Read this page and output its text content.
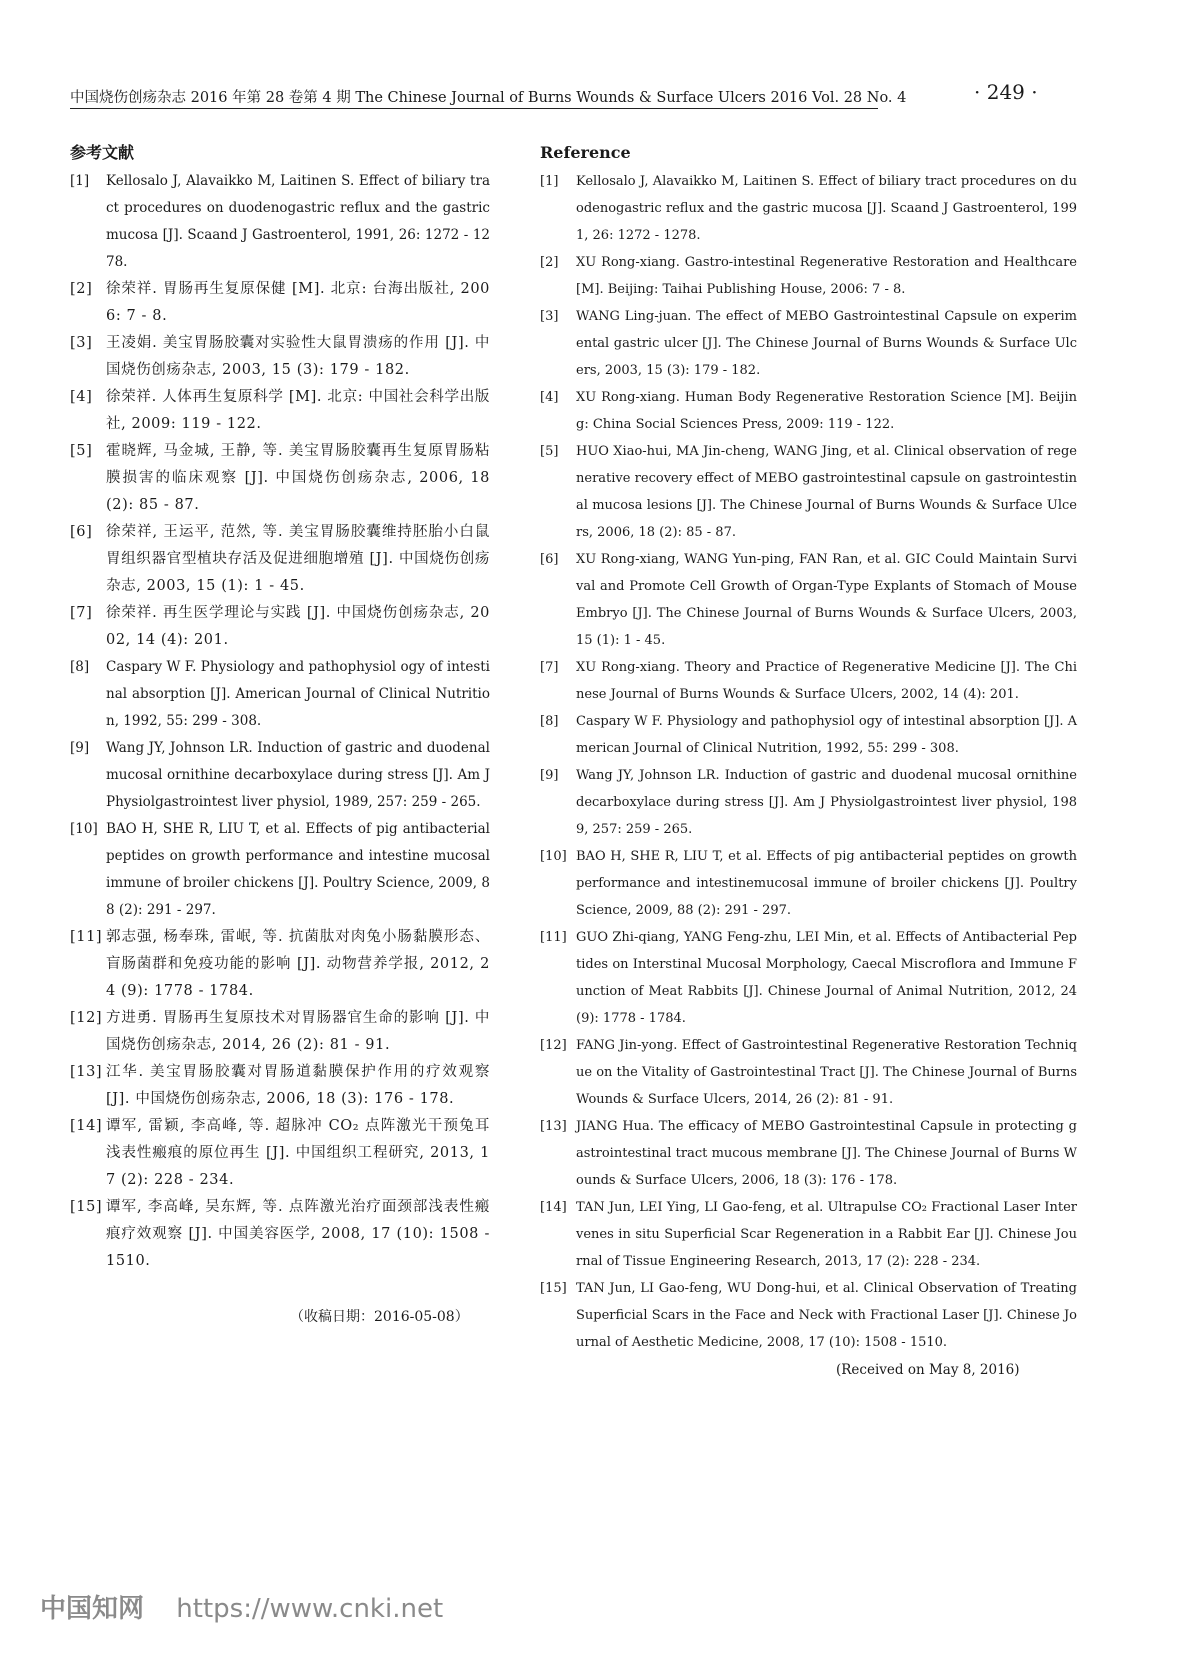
中国烧伤创疡杂志 2016 年第 28 卷第 4 期 The Chinese Journal of Burns Wounds & Surface Ulcers 2016 Vol. 28 No. 4	· 249 ·
参考文献
[1]	Kellosalo J, Alavaikko M, Laitinen S. Effect of biliary tract procedures on duodenogastric reflux and the gastric mucosa [J]. Scaand J Gastroenterol, 1991, 26: 1272 - 1278.
[2] 徐荣祥. 胃肠再生复原保健 [M]. 北京: 台海出版社, 2006: 7 - 8.
[3] 王凌娟. 美宝胃肠胶囊对实验性大鼠胃溃疡的作用 [J]. 中国烧伤创疡杂志, 2003, 15 (3): 179 - 182.
[4] 徐荣祥. 人体再生复原科学 [M]. 北京: 中国社会科学出版社, 2009: 119 - 122.
[5] 霍晓辉, 马金城, 王静, 等. 美宝胃肠胶囊再生复原胃肠粘膜损害的临床观察 [J]. 中国烧伤创疡杂志, 2006, 18 (2): 85 - 87.
[6] 徐荣祥, 王运平, 范然, 等. 美宝胃肠胶囊维持胚胎小白鼠胃组织器官型植块存活及促进细胞增殖 [J]. 中国烧伤创疡杂志, 2003, 15 (1): 1 - 45.
[7] 徐荣祥. 再生医学理论与实践 [J]. 中国烧伤创疡杂志, 2002, 14 (4): 201.
[8]	Caspary W F. Physiology and pathophysiol ogy of intestinal absorption [J]. American Journal of Clinical Nutrition, 1992, 55: 299 - 308.
[9]	Wang JY, Johnson LR. Induction of gastric and duodenal mucosal ornithine decarboxylace during stress [J]. Am J Physiolgastrointest liver physiol, 1989, 257: 259 - 265.
[10] BAO H, SHE R, LIU T, et al. Effects of pig antibacterial peptides on growth performance and intestine mucosal immune of broiler chickens [J]. Poultry Science, 2009, 88 (2): 291 - 297.
[11] 郭志强, 杨奉珠, 雷岷, 等. 抗菌肽对肉兔小肠黏膜形态、盲肠菌群和免疫功能的影响 [J]. 动物营养学报, 2012, 24 (9): 1778 - 1784.
[12] 方进勇. 胃肠再生复原技术对胃肠器官生命的影响 [J]. 中国烧伤创疡杂志, 2014, 26 (2): 81 - 91.
[13] 江华. 美宝胃肠胶囊对胃肠道黏膜保护作用的疗效观察 [J]. 中国烧伤创疡杂志, 2006, 18 (3): 176 - 178.
[14] 谭军, 雷颖, 李高峰, 等. 超脉冲 CO₂ 点阵激光干预兔耳浅表性瘢痕的原位再生 [J]. 中国组织工程研究, 2013, 17 (2): 228 - 234.
[15] 谭军, 李高峰, 吴东辉, 等. 点阵激光治疗面颈部浅表性瘢痕疗效观察 [J]. 中国美容医学, 2008, 17 (10): 1508 - 1510.
Reference
[1]	Kellosalo J, Alavaikko M, Laitinen S. Effect of biliary tract procedures on duodenogastric reflux and the gastric mucosa [J]. Scaand J Gastroenterol, 1991, 26: 1272 - 1278.
[2]	XU Rong-xiang. Gastro-intestinal Regenerative Restoration and Healthcare [M]. Beijing: Taihai Publishing House, 2006: 7 - 8.
[3]	WANG Ling-juan. The effect of MEBO Gastrointestinal Capsule on experimental gastric ulcer [J]. The Chinese Journal of Burns Wounds & Surface Ulcers, 2003, 15 (3): 179 - 182.
[4]	XU Rong-xiang. Human Body Regenerative Restoration Science [M]. Beijing: China Social Sciences Press, 2009: 119 - 122.
[5]	HUO Xiao-hui, MA Jin-cheng, WANG Jing, et al. Clinical observation of regenerative recovery effect of MEBO gastrointestinal capsule on gastrointestinal mucosa lesions [J]. The Chinese Journal of Burns Wounds & Surface Ulcers, 2006, 18 (2): 85 - 87.
[6]	XU Rong-xiang, WANG Yun-ping, FAN Ran, et al. GIC Could Maintain Survival and Promote Cell Growth of Organ-Type Explants of Stomach of Mouse Embryo [J]. The Chinese Journal of Burns Wounds & Surface Ulcers, 2003, 15 (1): 1 - 45.
[7]	XU Rong-xiang. Theory and Practice of Regenerative Medicine [J]. The Chinese Journal of Burns Wounds & Surface Ulcers, 2002, 14 (4): 201.
[8]	Caspary W F. Physiology and pathophysiol ogy of intestinal absorption [J]. American Journal of Clinical Nutrition, 1992, 55: 299 - 308.
[9]	Wang JY, Johnson LR. Induction of gastric and duodenal mucosal ornithine decarboxylace during stress [J]. Am J Physiolgastrointest liver physiol, 1989, 257: 259 - 265.
[10] BAO H, SHE R, LIU T, et al. Effects of pig antibacterial peptides on growth performance and intestinemucosal immune of broiler chickens [J]. Poultry Science, 2009, 88 (2): 291 - 297.
[11] GUO Zhi-qiang, YANG Feng-zhu, LEI Min, et al. Effects of Antibacterial Peptides on Interstinal Mucosal Morphology, Caecal Miscroflora and Immune Function of Meat Rabbits [J]. Chinese Journal of Animal Nutrition, 2012, 24 (9): 1778 - 1784.
[12] FANG Jin-yong. Effect of Gastrointestinal Regenerative Restoration Technique on the Vitality of Gastrointestinal Tract [J]. The Chinese Journal of Burns Wounds & Surface Ulcers, 2014, 26 (2): 81 - 91.
[13] JIANG Hua. The efficacy of MEBO Gastrointestinal Capsule in protecting gastrointestinal tract mucous membrane [J]. The Chinese Journal of Burns Wounds & Surface Ulcers, 2006, 18 (3): 176 - 178.
[14] TAN Jun, LEI Ying, LI Gao-feng, et al. Ultrapulse CO₂ Fractional Laser Intervenes in situ Superficial Scar Regeneration in a Rabbit Ear [J]. Chinese Journal of Tissue Engineering Research, 2013, 17 (2): 228 - 234.
[15] TAN Jun, LI Gao-feng, WU Dong-hui, et al. Clinical Observation of Treating Superficial Scars in the Face and Neck with Fractional Laser [J]. Chinese Journal of Aesthetic Medicine, 2008, 17 (10): 1508 - 1510.
（收稿日期：2016-05-08）
(Received on May 8, 2016)
中国知网 https://www.cnki.net
